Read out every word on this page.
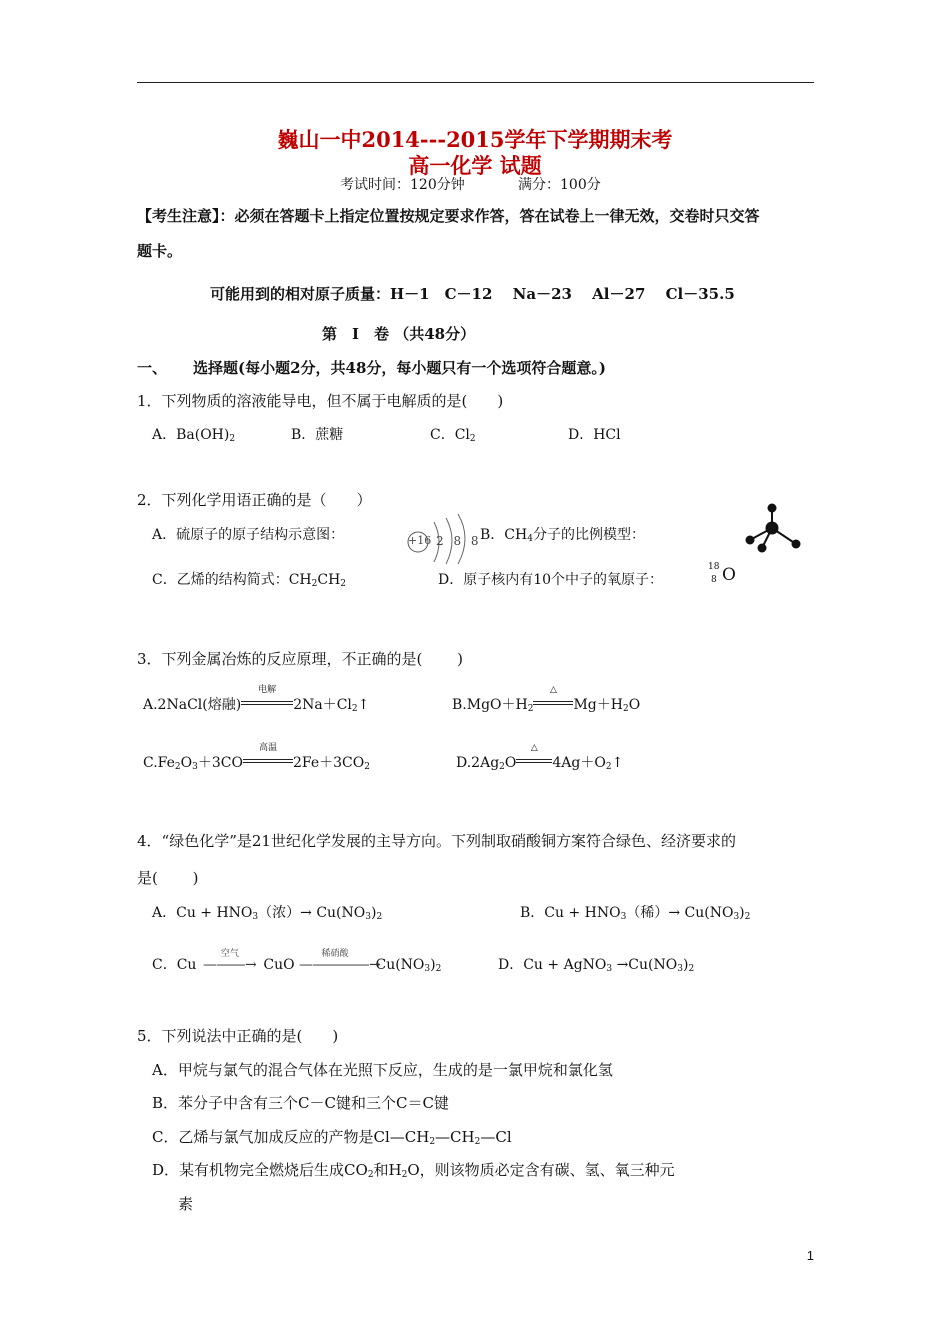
巍山一中2014---2015学年下学期期末考
高一化学 试题
考试时间：120分钟	满分：100分
【考生注意】：必须在答题卡上指定位置按规定要求作答，答在试卷上一律无效，交卷时只交答
题卡。
可能用到的相对原子质量：H－1　C－12　 Na－23　 Al－27　 Cl－35.5
第　I　卷 （共48分）
一、 选择题(每小题2分，共48分，每小题只有一个选项符合题意。)
1．下列物质的溶液能导电，但不属于电解质的是(　　)
A．$Ba(OH)_2$	B．蔗糖	C．$Cl_2$	D．HCl
2．下列化学用语正确的是（　　）
A．硫原子的原子结构示意图：	+16 2 8 8
B．$CH_4$分子的比例模型：
C．乙烯的结构简式：$CH_2CH_2$	D．原子核内有10个中子的氧原子：
18
8 O
3．下列金属冶炼的反应原理，不正确的是(　　 )
A.2NaCl(熔融)
电解
$2Na+Cl_2↑$	$B.MgO+H_2$
△
$Mg+H_2O$
$C.Fe_2O_3+3CO$
高温
$2Fe+3CO_2$	$D.2Ag_2O$
△
$4Ag+O_2↑$
4．“绿色化学”是21世纪化学发展的主导方向。下列制取硝酸铜方案符合绿色、经济要求的
是(　　 )
A．$Cu + HNO_3$（浓）→ $Cu(NO_3)_2$	B．$Cu + HNO_3$（稀）→ $Cu(NO_3)_2$
C．Cu
空气
—――→ CuO
稀硝酸
—――――→ $Cu(NO_3)_2$	D．Cu + AgNO$_3$ $\to Cu(NO_3)_2$
5．下列说法中正确的是(　　)
A．甲烷与氯气的混合气体在光照下反应，生成的是一氯甲烷和氯化氢
B．苯分子中含有三个C－C键和三个C＝C键
C．乙烯与氯气加成反应的产物是$Cl—CH_2—CH_2—Cl$
D．某有机物完全燃烧后生成$CO_2$和$H_2O$，则该物质必定含有碳、氢、氧三种元
素
1
